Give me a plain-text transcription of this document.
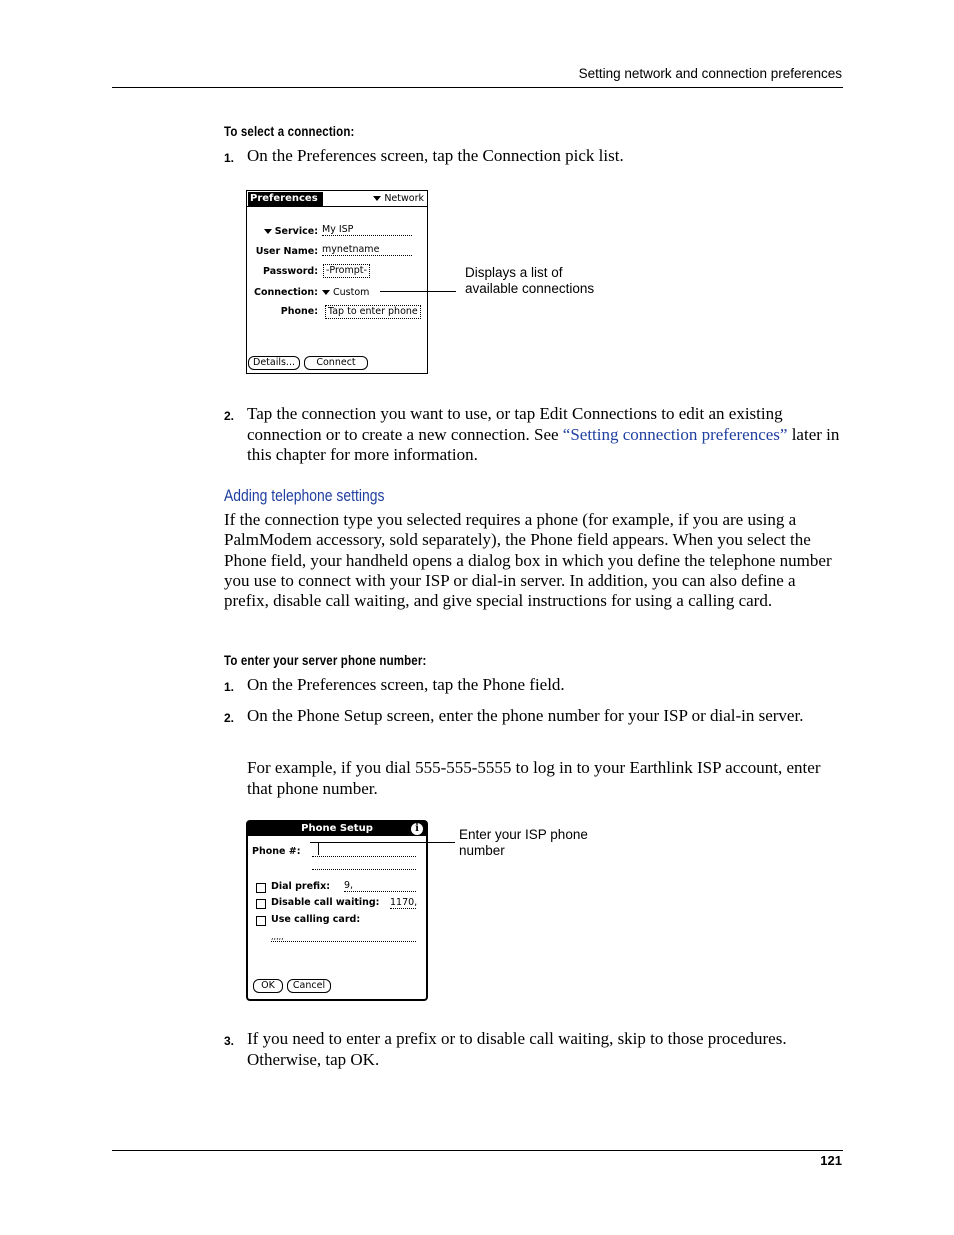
Setting network and connection preferences
To select a connection:
1. On the Preferences screen, tap the Connection pick list.
Preferences	Network
Service: My ISP
User Name: mynetname
Password: -Prompt-
Connection:	Custom
Phone:	Tap to enter phone
Details...	Connect
Displays a list of available connections
2. Tap the connection you want to use, or tap Edit Connections to edit an existing connection or to create a new connection. See “Setting connection preferences” later in this chapter for more information.
Adding telephone settings
If the connection type you selected requires a phone (for example, if you are using a PalmModem accessory, sold separately), the Phone field appears. When you select the Phone field, your handheld opens a dialog box in which you define the telephone number you use to connect with your ISP or dial-in server. In addition, you can also define a prefix, disable call waiting, and give special instructions for using a calling card.
To enter your server phone number:
1. On the Preferences screen, tap the Phone field.
2. On the Phone Setup screen, enter the phone number for your ISP or dial-in server.
For example, if you dial 555-555-5555 to log in to your Earthlink ISP account, enter that phone number.
Phone Setup	i
Phone #:
Dial prefix: 9,
Disable call waiting: 1170,
Use calling card:
,,,,,
OK	Cancel
Enter your ISP phone number
3. If you need to enter a prefix or to disable call waiting, skip to those procedures. Otherwise, tap OK.
121
